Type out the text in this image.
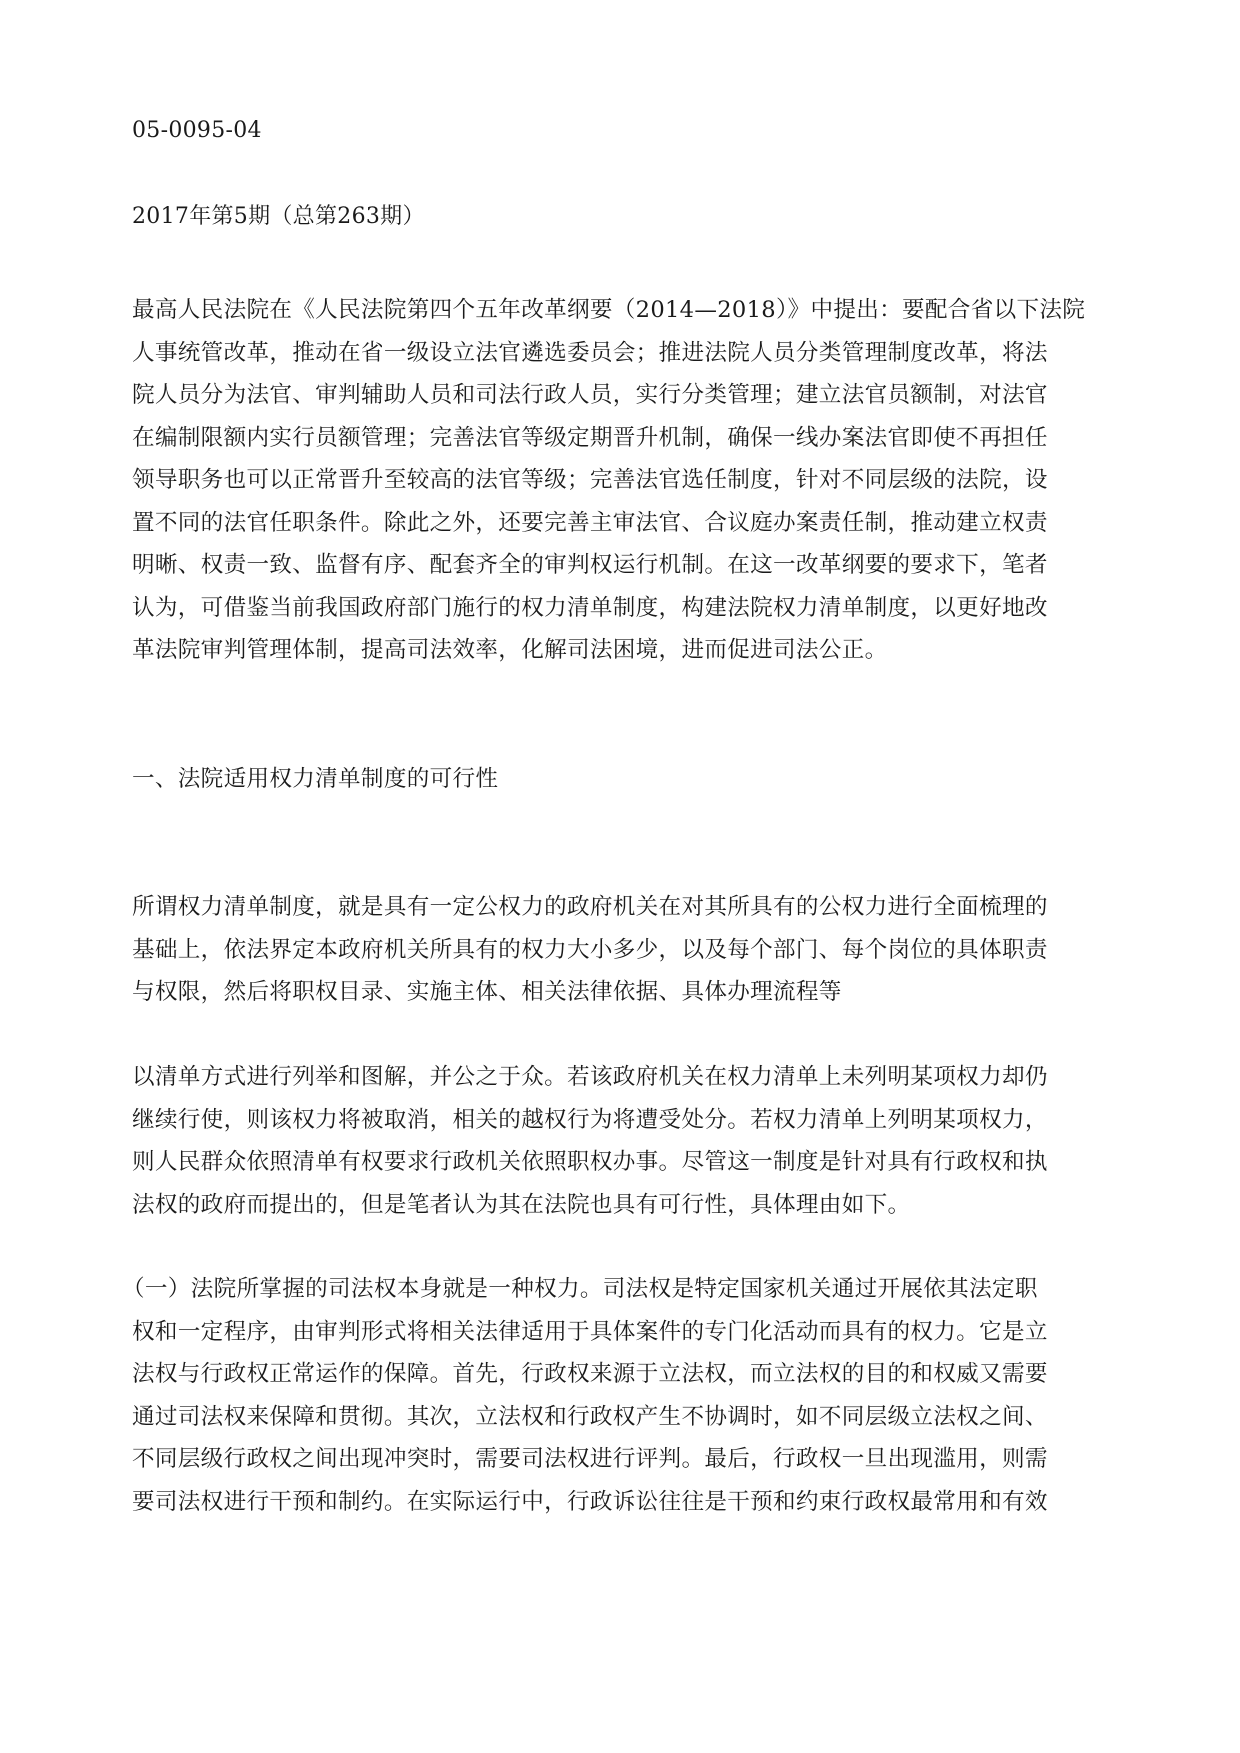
05-0095-04

2017年第5期（总第263期）

最高人民法院在《人民法院第四个五年改革纲要（2014—2018）》中提出：要配合省以下法院
人事统管改革，推动在省一级设立法官遴选委员会；推进法院人员分类管理制度改革，将法
院人员分为法官、审判辅助人员和司法行政人员，实行分类管理；建立法官员额制，对法官
在编制限额内实行员额管理；完善法官等级定期晋升机制，确保一线办案法官即使不再担任
领导职务也可以正常晋升至较高的法官等级；完善法官选任制度，针对不同层级的法院，设
置不同的法官任职条件。除此之外，还要完善主审法官、合议庭办案责任制，推动建立权责
明晰、权责一致、监督有序、配套齐全的审判权运行机制。在这一改革纲要的要求下，笔者
认为，可借鉴当前我国政府部门施行的权力清单制度，构建法院权力清单制度，以更好地改
革法院审判管理体制，提高司法效率，化解司法困境，进而促进司法公正。

一、法院适用权力清单制度的可行性

所谓权力清单制度，就是具有一定公权力的政府机关在对其所具有的公权力进行全面梳理的
基础上，依法界定本政府机关所具有的权力大小多少，以及每个部门、每个岗位的具体职责
与权限，然后将职权目录、实施主体、相关法律依据、具体办理流程等
以清单方式进行列举和图解，并公之于众。若该政府机关在权力清单上未列明某项权力却仍
继续行使，则该权力将被取消，相关的越权行为将遭受处分。若权力清单上列明某项权力，
则人民群众依照清单有权要求行政机关依照职权办事。尽管这一制度是针对具有行政权和执
法权的政府而提出的，但是笔者认为其在法院也具有可行性，具体理由如下。
（一）法院所掌握的司法权本身就是一种权力。司法权是特定国家机关通过开展依其法定职
权和一定程序，由审判形式将相关法律适用于具体案件的专门化活动而具有的权力。它是立
法权与行政权正常运作的保障。首先，行政权来源于立法权，而立法权的目的和权威又需要
通过司法权来保障和贯彻。其次，立法权和行政权产生不协调时，如不同层级立法权之间、
不同层级行政权之间出现冲突时，需要司法权进行评判。最后，行政权一旦出现滥用，则需
要司法权进行干预和制约。在实际运行中，行政诉讼往往是干预和约束行政权最常用和有效
